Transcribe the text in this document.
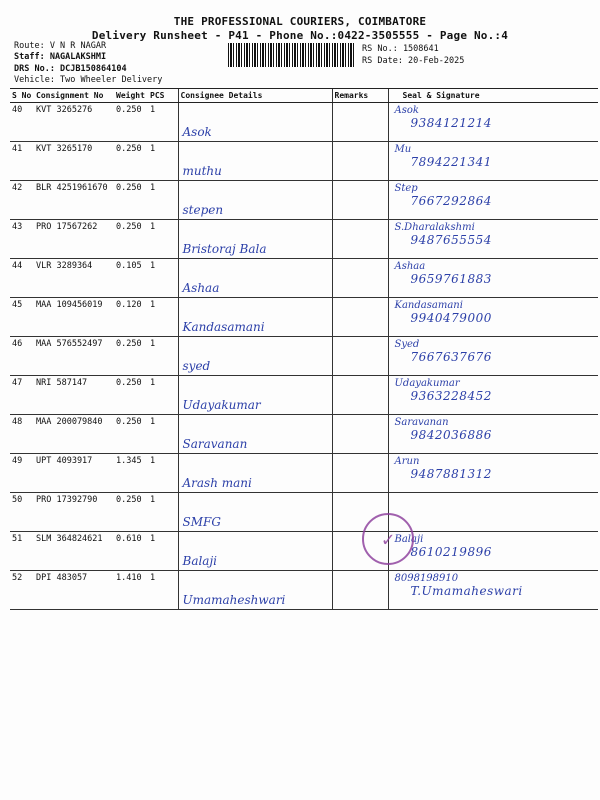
THE PROFESSIONAL COURIERS, COIMBATORE
Delivery Runsheet - P41 - Phone No.:0422-3505555 - Page No.:4
Route: V N R NAGAR
Staff: NAGALAKSHMI
DRS No.: DCJB150864104
Vehicle: Two Wheeler Delivery
RS No.: 1508641
RS Date: 20-Feb-2025
S No	Consignment No	Weight	PCS	Consignee Details	Remarks	Seal & Signature
40	KVT 3265276	0.250	1	Asok		Asok
9384121214

41	KVT 3265170	0.250	1	muthu		Mu
7894221341

42	BLR 4251961670	0.250	1	stepen		Step
7667292864

43	PRO 17567262	0.250	1	Bristoraj Bala		S.Dharalakshmi
9487655554

44	VLR 3289364	0.105	1	Ashaa		Ashaa
9659761883

45	MAA 109456019	0.120	1	Kandasamani		Kandasamani
9940479000

46	MAA 576552497	0.250	1	syed		Syed
7667637676

47	NRI 587147	0.250	1	Udayakumar		Udayakumar
9363228452

48	MAA 200079840	0.250	1	Saravanan		Saravanan
9842036886

49	UPT 4093917	1.345	1	Arash mani		Arun
9487881312

50	PRO 17392790	0.250	1	SMFG		

51	SLM 364824621	0.610	1	Balaji		Balaji
8610219896

52	DPI 483057	1.410	1	Umamaheshwari		8098198910
T.Umamaheswari
✓
